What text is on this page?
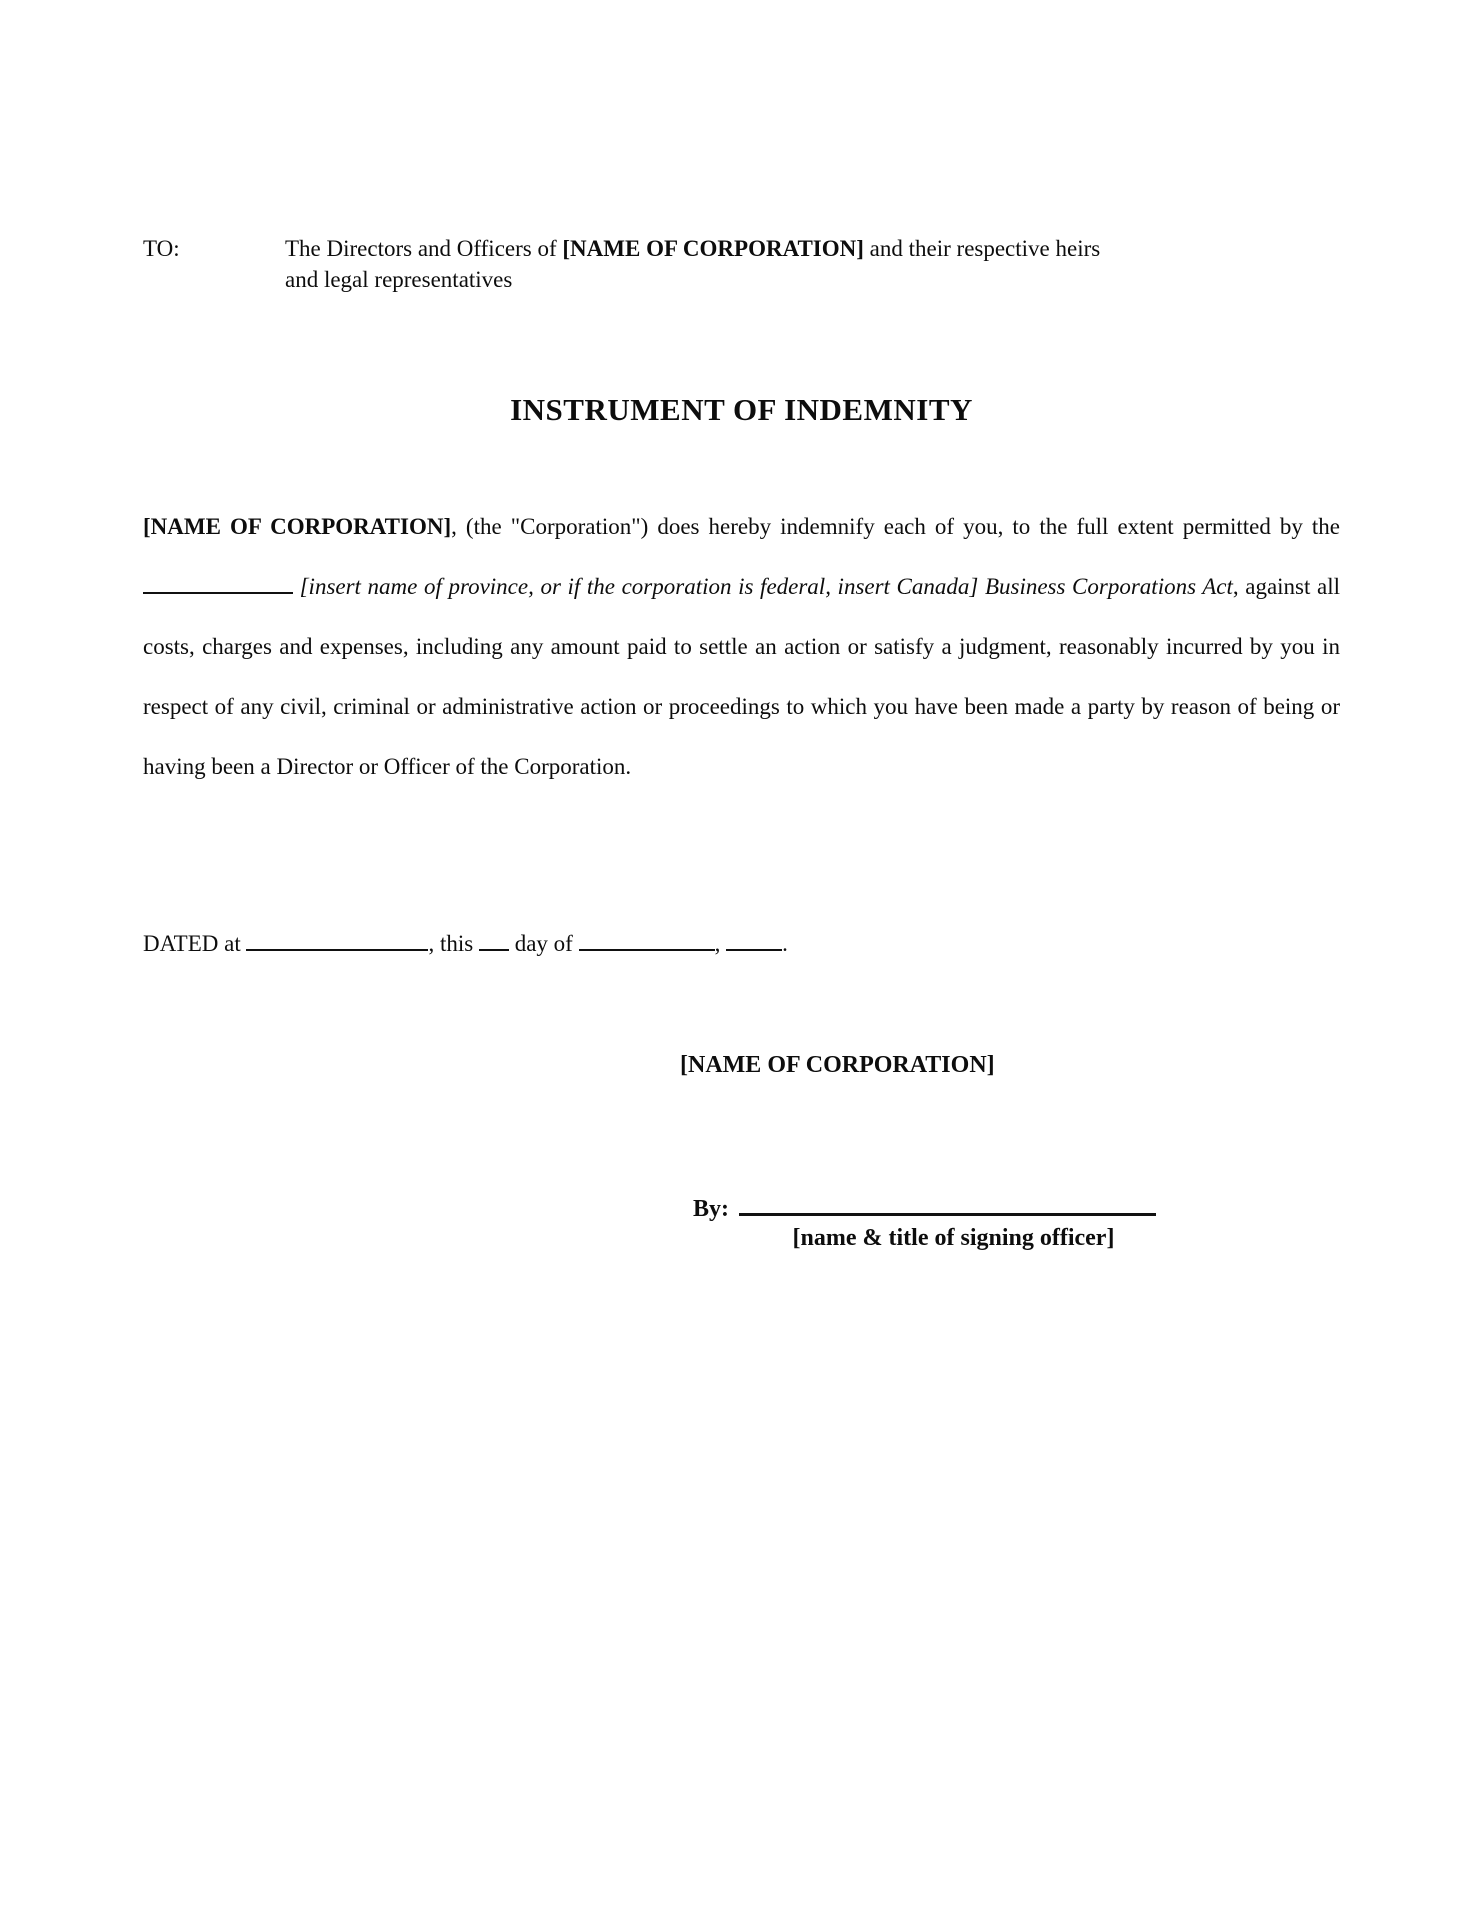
TO:	The Directors and Officers of [NAME OF CORPORATION] and their respective heirs
and legal representatives
INSTRUMENT OF INDEMNITY
[NAME OF CORPORATION], (the "Corporation") does hereby indemnify each of you, to the full extent permitted by the  [insert name of province, or if the corporation is federal, insert Canada] Business Corporations Act, against all costs, charges and expenses, including any amount paid to settle an action or satisfy a judgment, reasonably incurred by you in respect of any civil, criminal or administrative action or proceedings to which you have been made a party by reason of being or having been a Director or Officer of the Corporation.
DATED at	, this  day of	, .
[NAME OF CORPORATION]
By:
[name & title of signing officer]
